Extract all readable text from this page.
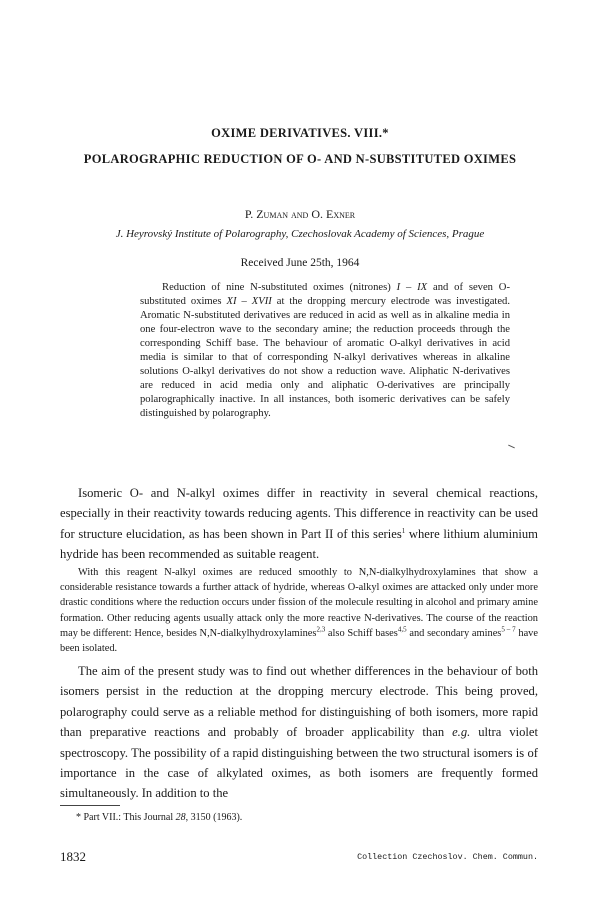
OXIME DERIVATIVES. VIII.*
POLAROGRAPHIC REDUCTION OF O- AND N-SUBSTITUTED OXIMES
P. Zuman and O. Exner
J. Heyrovský Institute of Polarography, Czechoslovak Academy of Sciences, Prague
Received June 25th, 1964

Reduction of nine N-substituted oximes (nitrones) I – IX and of seven O-substituted oximes XI – XVII at the dropping mercury electrode was investigated. Aromatic N-substituted derivatives are reduced in acid as well as in alkaline media in one four-electron wave to the secondary amine; the reduction proceeds through the corresponding Schiff base. The behaviour of aromatic O-alkyl derivatives in acid media is similar to that of corresponding N-alkyl derivatives whereas in alkaline solutions O-alkyl derivatives do not show a reduction wave. Aliphatic N-derivatives are reduced in acid media only and aliphatic O-derivatives are principally polarographically inactive. In all instances, both isomeric derivatives can be safely distinguished by polarography.

Isomeric O- and N-alkyl oximes differ in reactivity in several chemical reactions, especially in their reactivity towards reducing agents. This difference in reactivity can be used for structure elucidation, as has been shown in Part II of this series$^1$ where lithium aluminium hydride has been recommended as suitable reagent.

With this reagent N-alkyl oximes are reduced smoothly to N,N-dialkylhydroxylamines that show a considerable resistance towards a further attack of hydride, whereas O-alkyl oximes are attacked only under more drastic conditions where the reduction occurs under fission of the molecule resulting in alcohol and primary amine formation. Other reducing agents usually attack only the more reactive N-derivatives. The course of the reaction may be different: Hence, besides N,N-dialkylhydroxylamines$^{2,3}$ also Schiff bases$^{4,5}$ and secondary amines$^{5 - 7}$ have been isolated.

The aim of the present study was to find out whether differences in the behaviour of both isomers persist in the reduction at the dropping mercury electrode. This being proved, polarography could serve as a reliable method for distinguishing of both isomers, more rapid than preparative reactions and probably of broader applicability than e.g. ultra violet spectroscopy. The possibility of a rapid distinguishing between the two structural isomers is of importance in the case of alkylated oximes, as both isomers are frequently formed simultaneously. In addition to the

* Part VII.: This Journal 28, 3150 (1963).
1832	Collection Czechoslov. Chem. Commun.
